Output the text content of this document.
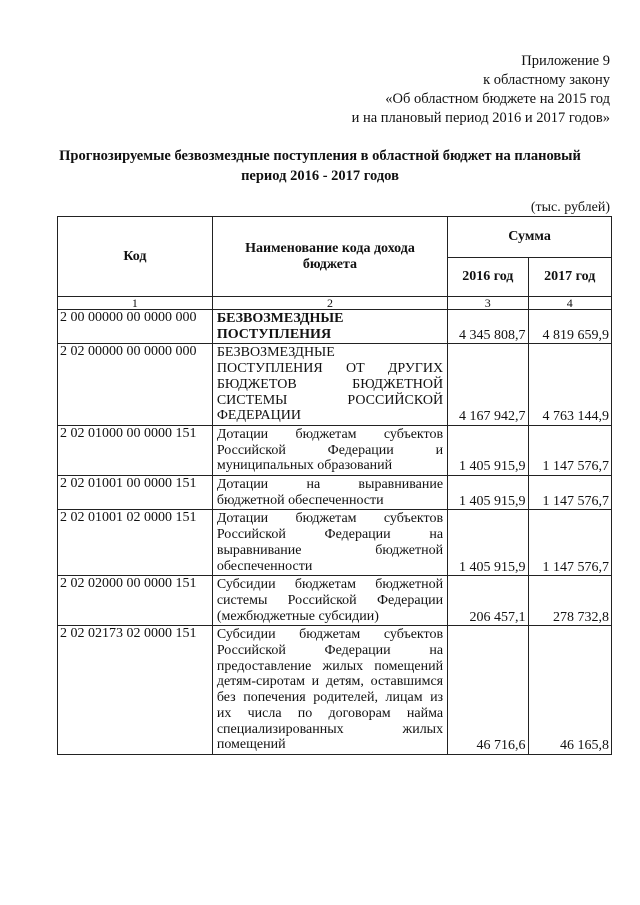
Приложение 9
к областному закону
«Об областном бюджете на 2015 год
и на плановый период 2016 и 2017 годов»
Прогнозируемые безвозмездные поступления в областной бюджет на плановый
период 2016 - 2017 годов
(тыс. рублей)
Код	Наименование кода дохода бюджета	Сумма	
		2016 год	2017 год
1	2	3	4
2 00 00000 00 0000 000	БЕЗВОЗМЕЗДНЫЕ ПОСТУПЛЕНИЯ	4 345 808,7	4 819 659,9
2 02 00000 00 0000 000	БЕЗВОЗМЕЗДНЫЕ ПОСТУПЛЕНИЯ ОТ ДРУГИХ БЮДЖЕТОВ БЮДЖЕТНОЙ СИСТЕМЫ РОССИЙСКОЙ ФЕДЕРАЦИИ	4 167 942,7	4 763 144,9
2 02 01000 00 0000 151	Дотации бюджетам субъектов Российской Федерации и муниципальных образований	1 405 915,9	1 147 576,7
2 02 01001 00 0000 151	Дотации на выравнивание бюджетной обеспеченности	1 405 915,9	1 147 576,7
2 02 01001 02 0000 151	Дотации бюджетам субъектов Российской Федерации на выравнивание бюджетной обеспеченности	1 405 915,9	1 147 576,7
2 02 02000 00 0000 151	Субсидии бюджетам бюджетной системы Российской Федерации (межбюджетные субсидии)	206 457,1	278 732,8
2 02 02173 02 0000 151	Субсидии бюджетам субъектов Российской Федерации на предоставление жилых помещений детям-сиротам и детям, оставшимся без попечения родителей, лицам из их числа по договорам найма специализированных жилых помещений	46 716,6	46 165,8
